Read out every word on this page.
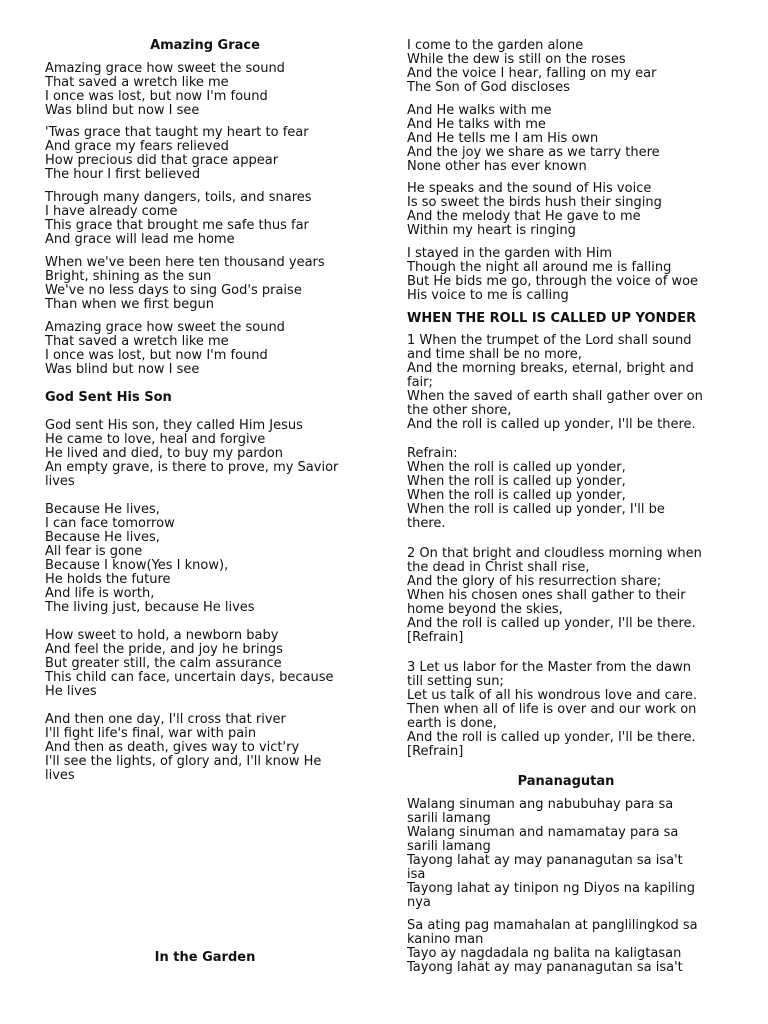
Amazing Grace
Amazing grace how sweet the sound
That saved a wretch like me
I once was lost, but now I'm found
Was blind but now I see
'Twas grace that taught my heart to fear
And grace my fears relieved
How precious did that grace appear
The hour I first believed
Through many dangers, toils, and snares
I have already come
This grace that brought me safe thus far
And grace will lead me home
When we've been here ten thousand years
Bright, shining as the sun
We've no less days to sing God's praise
Than when we first begun
Amazing grace how sweet the sound
That saved a wretch like me
I once was lost, but now I'm found
Was blind but now I see
God Sent His Son
God sent His son, they called Him Jesus
He came to love, heal and forgive
He lived and died, to buy my pardon
An empty grave, is there to prove, my Savior
lives
Because He lives,
I can face tomorrow
Because He lives,
All fear is gone
Because I know(Yes I know),
He holds the future
And life is worth,
The living just, because He lives
How sweet to hold, a newborn baby
And feel the pride, and joy he brings
But greater still, the calm assurance
This child can face, uncertain days, because
He lives
And then one day, I'll cross that river
I'll fight life's final, war with pain
And then as death, gives way to vict'ry
I'll see the lights, of glory and, I'll know He
lives
In the Garden
I come to the garden alone
While the dew is still on the roses
And the voice I hear, falling on my ear
The Son of God discloses
And He walks with me
And He talks with me
And He tells me I am His own
And the joy we share as we tarry there
None other has ever known
He speaks and the sound of His voice
Is so sweet the birds hush their singing
And the melody that He gave to me
Within my heart is ringing
I stayed in the garden with Him
Though the night all around me is falling
But He bids me go, through the voice of woe
His voice to me is calling
WHEN THE ROLL IS CALLED UP YONDER
1 When the trumpet of the Lord shall sound
and time shall be no more,
And the morning breaks, eternal, bright and
fair;
When the saved of earth shall gather over on
the other shore,
And the roll is called up yonder, I'll be there.
Refrain:
When the roll is called up yonder,
When the roll is called up yonder,
When the roll is called up yonder,
When the roll is called up yonder, I'll be
there.
2 On that bright and cloudless morning when
the dead in Christ shall rise,
And the glory of his resurrection share;
When his chosen ones shall gather to their
home beyond the skies,
And the roll is called up yonder, I'll be there.
[Refrain]
3 Let us labor for the Master from the dawn
till setting sun;
Let us talk of all his wondrous love and care.
Then when all of life is over and our work on
earth is done,
And the roll is called up yonder, I'll be there.
[Refrain]
Pananagutan
Walang sinuman ang nabubuhay para sa
sarili lamang
Walang sinuman and namamatay para sa
sarili lamang
Tayong lahat ay may pananagutan sa isa't
isa
Tayong lahat ay tinipon ng Diyos na kapiling
nya
Sa ating pag mamahalan at panglilingkod sa
kanino man
Tayo ay nagdadala ng balita na kaligtasan
Tayong lahat ay may pananagutan sa isa't
